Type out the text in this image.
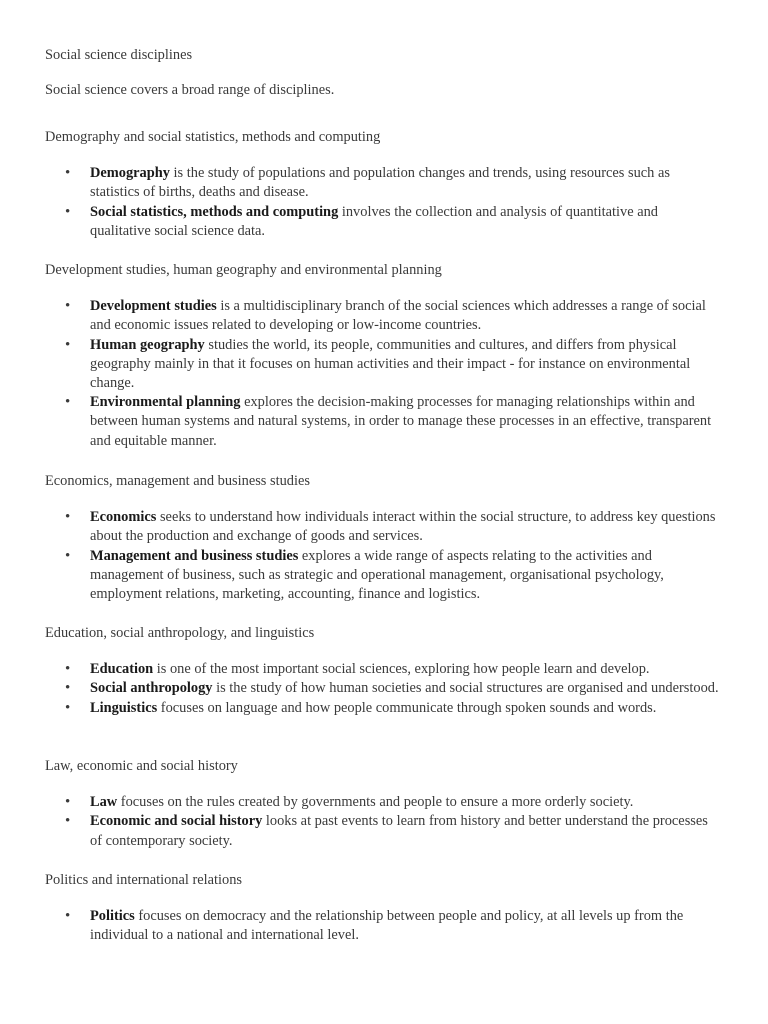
Social science disciplines

Social science covers a broad range of disciplines.

Demography and social statistics, methods and computing
• Demography is the study of populations and population changes and trends, using resources such as statistics of births, deaths and disease.
• Social statistics, methods and computing involves the collection and analysis of quantitative and qualitative social science data.
Development studies, human geography and environmental planning
• Development studies is a multidisciplinary branch of the social sciences which addresses a range of social and economic issues related to developing or low-income countries.
• Human geography studies the world, its people, communities and cultures, and differs from physical geography mainly in that it focuses on human activities and their impact - for instance on environmental change.
• Environmental planning explores the decision-making processes for managing relationships within and between human systems and natural systems, in order to manage these processes in an effective, transparent and equitable manner.
Economics, management and business studies
• Economics seeks to understand how individuals interact within the social structure, to address key questions about the production and exchange of goods and services.
• Management and business studies explores a wide range of aspects relating to the activities and management of business, such as strategic and operational management, organisational psychology, employment relations, marketing, accounting, finance and logistics.
Education, social anthropology, and linguistics
• Education is one of the most important social sciences, exploring how people learn and develop.
• Social anthropology is the study of how human societies and social structures are organised and understood.
• Linguistics focuses on language and how people communicate through spoken sounds and words.
Law, economic and social history
• Law focuses on the rules created by governments and people to ensure a more orderly society.
• Economic and social history looks at past events to learn from history and better understand the processes of contemporary society.
Politics and international relations
• Politics focuses on democracy and the relationship between people and policy, at all levels up from the individual to a national and international level.
